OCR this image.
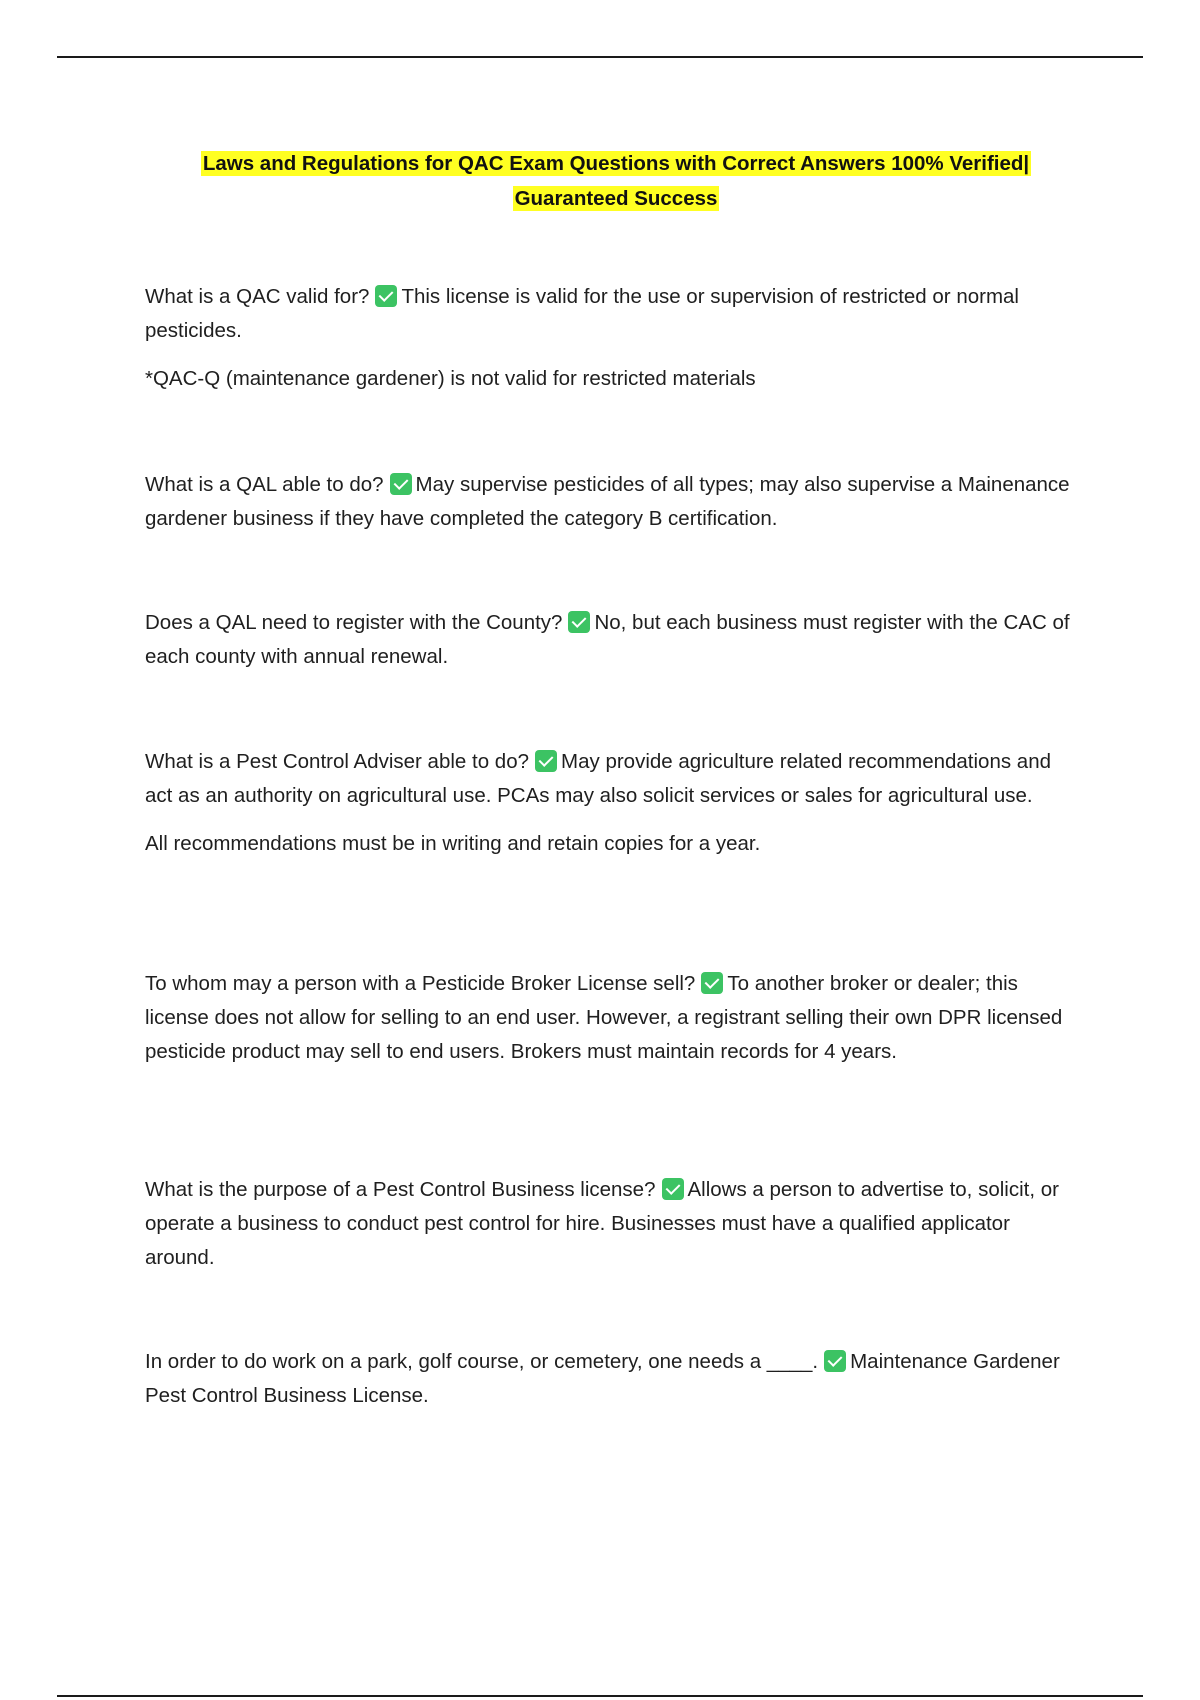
Laws and Regulations for QAC Exam Questions with Correct Answers 100% Verified|
Guaranteed Success

What is a QAC valid for? This license is valid for the use or supervision of restricted or normal pesticides.

*QAC-Q (maintenance gardener) is not valid for restricted materials

What is a QAL able to do? May supervise pesticides of all types; may also supervise a Mainenance gardener business if they have completed the category B certification.

Does a QAL need to register with the County? No, but each business must register with the CAC of each county with annual renewal.

What is a Pest Control Adviser able to do? May provide agriculture related recommendations and act as an authority on agricultural use. PCAs may also solicit services or sales for agricultural use.

All recommendations must be in writing and retain copies for a year.

To whom may a person with a Pesticide Broker License sell? To another broker or dealer; this license does not allow for selling to an end user. However, a registrant selling their own DPR licensed pesticide product may sell to end users. Brokers must maintain records for 4 years.

What is the purpose of a Pest Control Business license? Allows a person to advertise to, solicit, or operate a business to conduct pest control for hire. Businesses must have a qualified applicator around.

In order to do work on a park, golf course, or cemetery, one needs a ____. Maintenance Gardener Pest Control Business License.
